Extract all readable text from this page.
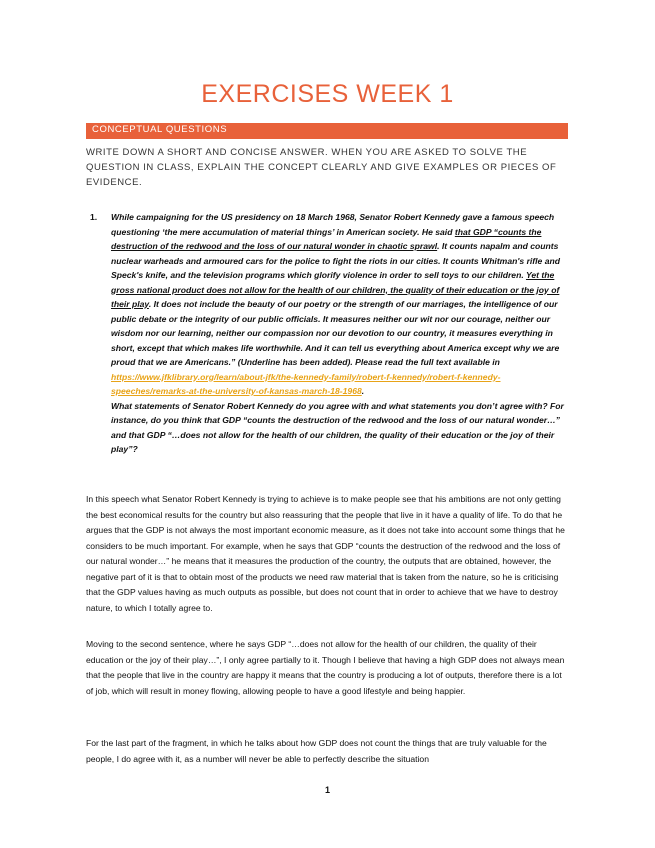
EXERCISES WEEK 1
CONCEPTUAL QUESTIONS
WRITE DOWN A SHORT AND CONCISE ANSWER. WHEN YOU ARE ASKED TO SOLVE THE QUESTION IN CLASS, EXPLAIN THE CONCEPT CLEARLY AND GIVE EXAMPLES OR PIECES OF EVIDENCE.
1. While campaigning for the US presidency on 18 March 1968, Senator Robert Kennedy gave a famous speech questioning ‘the mere accumulation of material things’ in American society. He said that GDP “counts the destruction of the redwood and the loss of our natural wonder in chaotic sprawl. It counts napalm and counts nuclear warheads and armoured cars for the police to fight the riots in our cities. It counts Whitman's rifle and Speck's knife, and the television programs which glorify violence in order to sell toys to our children. Yet the gross national product does not allow for the health of our children, the quality of their education or the joy of their play. It does not include the beauty of our poetry or the strength of our marriages, the intelligence of our public debate or the integrity of our public officials. It measures neither our wit nor our courage, neither our wisdom nor our learning, neither our compassion nor our devotion to our country, it measures everything in short, except that which makes life worthwhile. And it can tell us everything about America except why we are proud that we are Americans.” (Underline has been added). Please read the full text available in https://www.jfklibrary.org/learn/about-jfk/the-kennedy-family/robert-f-kennedy/robert-f-kennedy-speeches/remarks-at-the-university-of-kansas-march-18-1968.
What statements of Senator Robert Kennedy do you agree with and what statements you don’t agree with? For instance, do you think that GDP “counts the destruction of the redwood and the loss of our natural wonder…” and that GDP “…does not allow for the health of our children, the quality of their education or the joy of their play”?
In this speech what Senator Robert Kennedy is trying to achieve is to make people see that his ambitions are not only getting the best economical results for the country but also reassuring that the people that live in it have a quality of life. To do that he argues that the GDP is not always the most important economic measure, as it does not take into account some things that he considers to be much important. For example, when he says that GDP “counts the destruction of the redwood and the loss of our natural wonder…” he means that it measures the production of the country, the outputs that are obtained, however, the negative part of it is that to obtain most of the products we need raw material that is taken from the nature, so he is criticising that the GDP values having as much outputs as possible, but does not count that in order to achieve that we have to destroy nature, to which I totally agree to.
Moving to the second sentence, where he says GDP “…does not allow for the health of our children, the quality of their education or the joy of their play…”, I only agree partially to it. Though I believe that having a high GDP does not always mean that the people that live in the country are happy it means that the country is producing a lot of outputs, therefore there is a lot of job, which will result in money flowing, allowing people to have a good lifestyle and being happier.
For the last part of the fragment, in which he talks about how GDP does not count the things that are truly valuable for the people, I do agree with it, as a number will never be able to perfectly describe the situation
1
